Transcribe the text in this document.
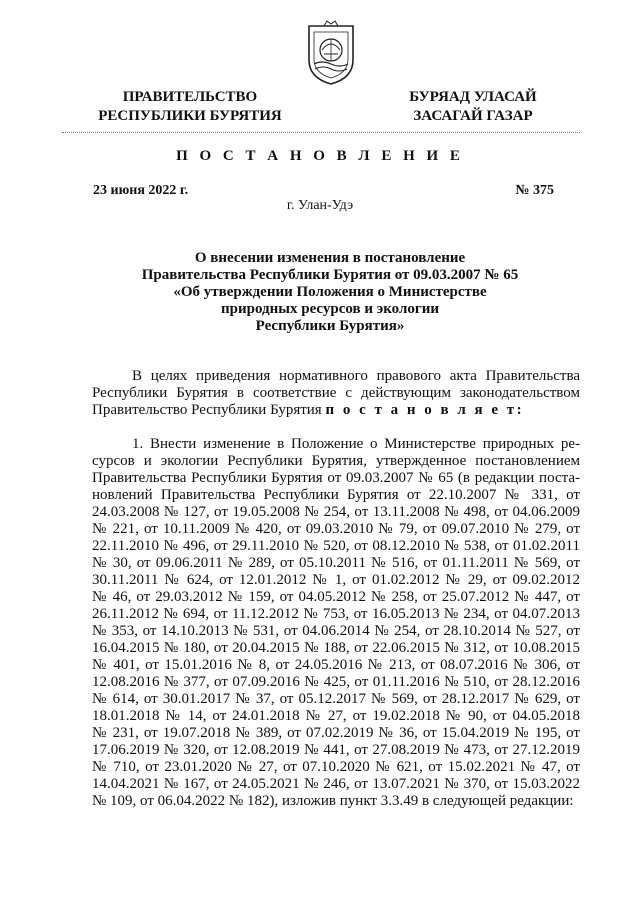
ПРАВИТЕЛЬСТВО
РЕСПУБЛИКИ БУРЯТИЯ
БУРЯАД УЛАСАЙ
ЗАСАГАЙ ГАЗАР
П О С Т А Н О В Л Е Н И Е
23 июня 2022 г.	№ 375
г. Улан-Удэ
О внесении изменения в постановление
Правительства Республики Бурятия от 09.03.2007 № 65
«Об утверждении Положения о Министерстве
природных ресурсов и экологии
Республики Бурятия»
В целях приведения нормативного правового акта Правительства
Республики Бурятия в соответствие с действующим законодательством
Правительство Республики Бурятия п о с т а н о в л я е т:
1. Внести изменение в Положение о Министерстве природных ре-
сурсов и экологии Республики Бурятия, утвержденное постановлением
Правительства Республики Бурятия от 09.03.2007 № 65 (в редакции поста-
новлений Правительства Республики Бурятия от 22.10.2007 № 331, от
24.03.2008 № 127, от 19.05.2008 № 254, от 13.11.2008 № 498, от 04.06.2009
№ 221, от 10.11.2009 № 420, от 09.03.2010 № 79, от 09.07.2010 № 279, от
22.11.2010 № 496, от 29.11.2010 № 520, от 08.12.2010 № 538, от 01.02.2011
№ 30, от 09.06.2011 № 289, от 05.10.2011 № 516, от 01.11.2011 № 569, от
30.11.2011 № 624, от 12.01.2012 № 1, от 01.02.2012 № 29, от 09.02.2012
№ 46, от 29.03.2012 № 159, от 04.05.2012 № 258, от 25.07.2012 № 447, от
26.11.2012 № 694, от 11.12.2012 № 753, от 16.05.2013 № 234, от 04.07.2013
№ 353, от 14.10.2013 № 531, от 04.06.2014 № 254, от 28.10.2014 № 527, от
16.04.2015 № 180, от 20.04.2015 № 188, от 22.06.2015 № 312, от 10.08.2015
№ 401, от 15.01.2016 № 8, от 24.05.2016 № 213, от 08.07.2016 № 306, от
12.08.2016 № 377, от 07.09.2016 № 425, от 01.11.2016 № 510, от 28.12.2016
№ 614, от 30.01.2017 № 37, от 05.12.2017 № 569, от 28.12.2017 № 629, от
18.01.2018 № 14, от 24.01.2018 № 27, от 19.02.2018 № 90, от 04.05.2018
№ 231, от 19.07.2018 № 389, от 07.02.2019 № 36, от 15.04.2019 № 195, от
17.06.2019 № 320, от 12.08.2019 № 441, от 27.08.2019 № 473, от 27.12.2019
№ 710, от 23.01.2020 № 27, от 07.10.2020 № 621, от 15.02.2021 № 47, от
14.04.2021 № 167, от 24.05.2021 № 246, от 13.07.2021 № 370, от 15.03.2022
№ 109, от 06.04.2022 № 182), изложив пункт 3.3.49 в следующей редакции:
